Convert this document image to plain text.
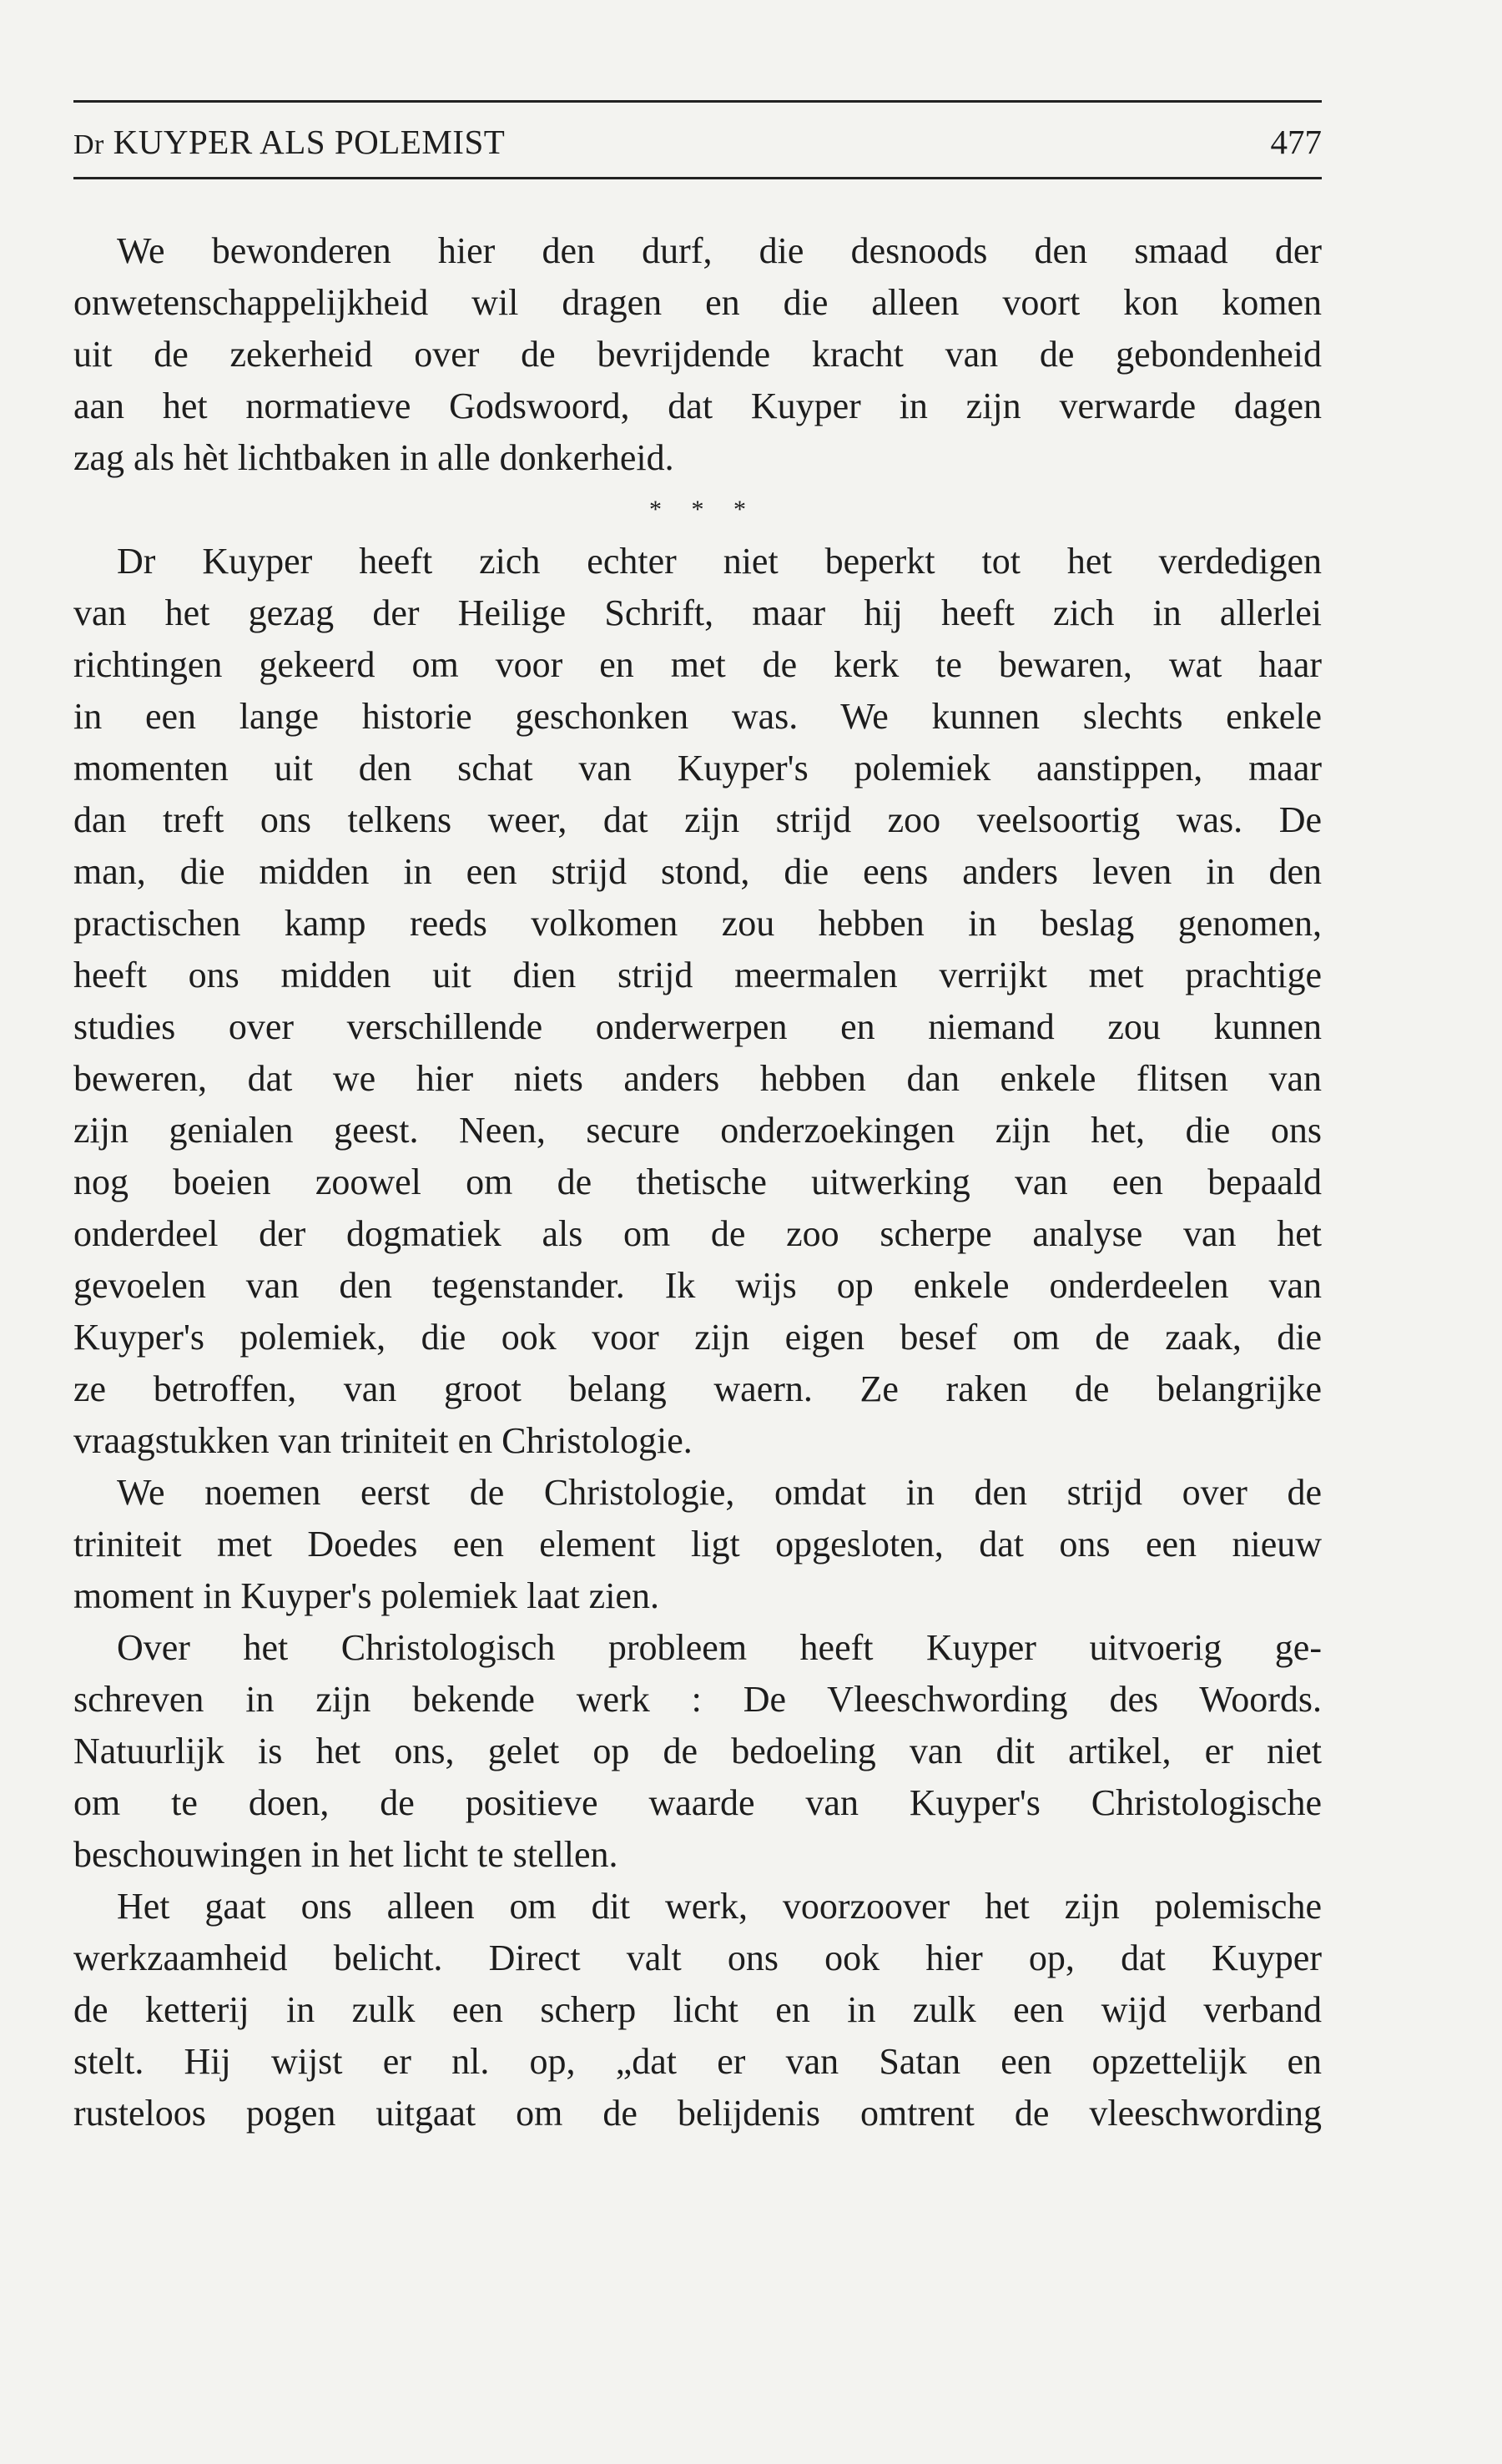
Dr KUYPER ALS POLEMIST	477
We bewonderen hier den durf, die desnoods den smaad der
onwetenschappelijkheid wil dragen en die alleen voort kon komen
uit de zekerheid over de bevrijdende kracht van de gebondenheid
aan het normatieve Godswoord, dat Kuyper in zijn verwarde dagen
zag als hèt lichtbaken in alle donkerheid.
* * *
Dr Kuyper heeft zich echter niet beperkt tot het verdedigen
van het gezag der Heilige Schrift, maar hij heeft zich in allerlei
richtingen gekeerd om voor en met de kerk te bewaren, wat haar
in een lange historie geschonken was. We kunnen slechts enkele
momenten uit den schat van Kuyper's polemiek aanstippen, maar
dan treft ons telkens weer, dat zijn strijd zoo veelsoortig was. De
man, die midden in een strijd stond, die eens anders leven in den
practischen kamp reeds volkomen zou hebben in beslag genomen,
heeft ons midden uit dien strijd meermalen verrijkt met prachtige
studies over verschillende onderwerpen en niemand zou kunnen
beweren, dat we hier niets anders hebben dan enkele flitsen van
zijn genialen geest. Neen, secure onderzoekingen zijn het, die ons
nog boeien zoowel om de thetische uitwerking van een bepaald
onderdeel der dogmatiek als om de zoo scherpe analyse van het
gevoelen van den tegenstander. Ik wijs op enkele onderdeelen van
Kuyper's polemiek, die ook voor zijn eigen besef om de zaak, die
ze betroffen, van groot belang waern. Ze raken de belangrijke
vraagstukken van triniteit en Christologie.
We noemen eerst de Christologie, omdat in den strijd over de
triniteit met Doedes een element ligt opgesloten, dat ons een nieuw
moment in Kuyper's polemiek laat zien.
Over het Christologisch probleem heeft Kuyper uitvoerig ge-
schreven in zijn bekende werk : De Vleeschwording des Woords.
Natuurlijk is het ons, gelet op de bedoeling van dit artikel, er niet
om te doen, de positieve waarde van Kuyper's Christologische
beschouwingen in het licht te stellen.
Het gaat ons alleen om dit werk, voorzoover het zijn polemische
werkzaamheid belicht. Direct valt ons ook hier op, dat Kuyper
de ketterij in zulk een scherp licht en in zulk een wijd verband
stelt. Hij wijst er nl. op, „dat er van Satan een opzettelijk en
rusteloos pogen uitgaat om de belijdenis omtrent de vleeschwording
